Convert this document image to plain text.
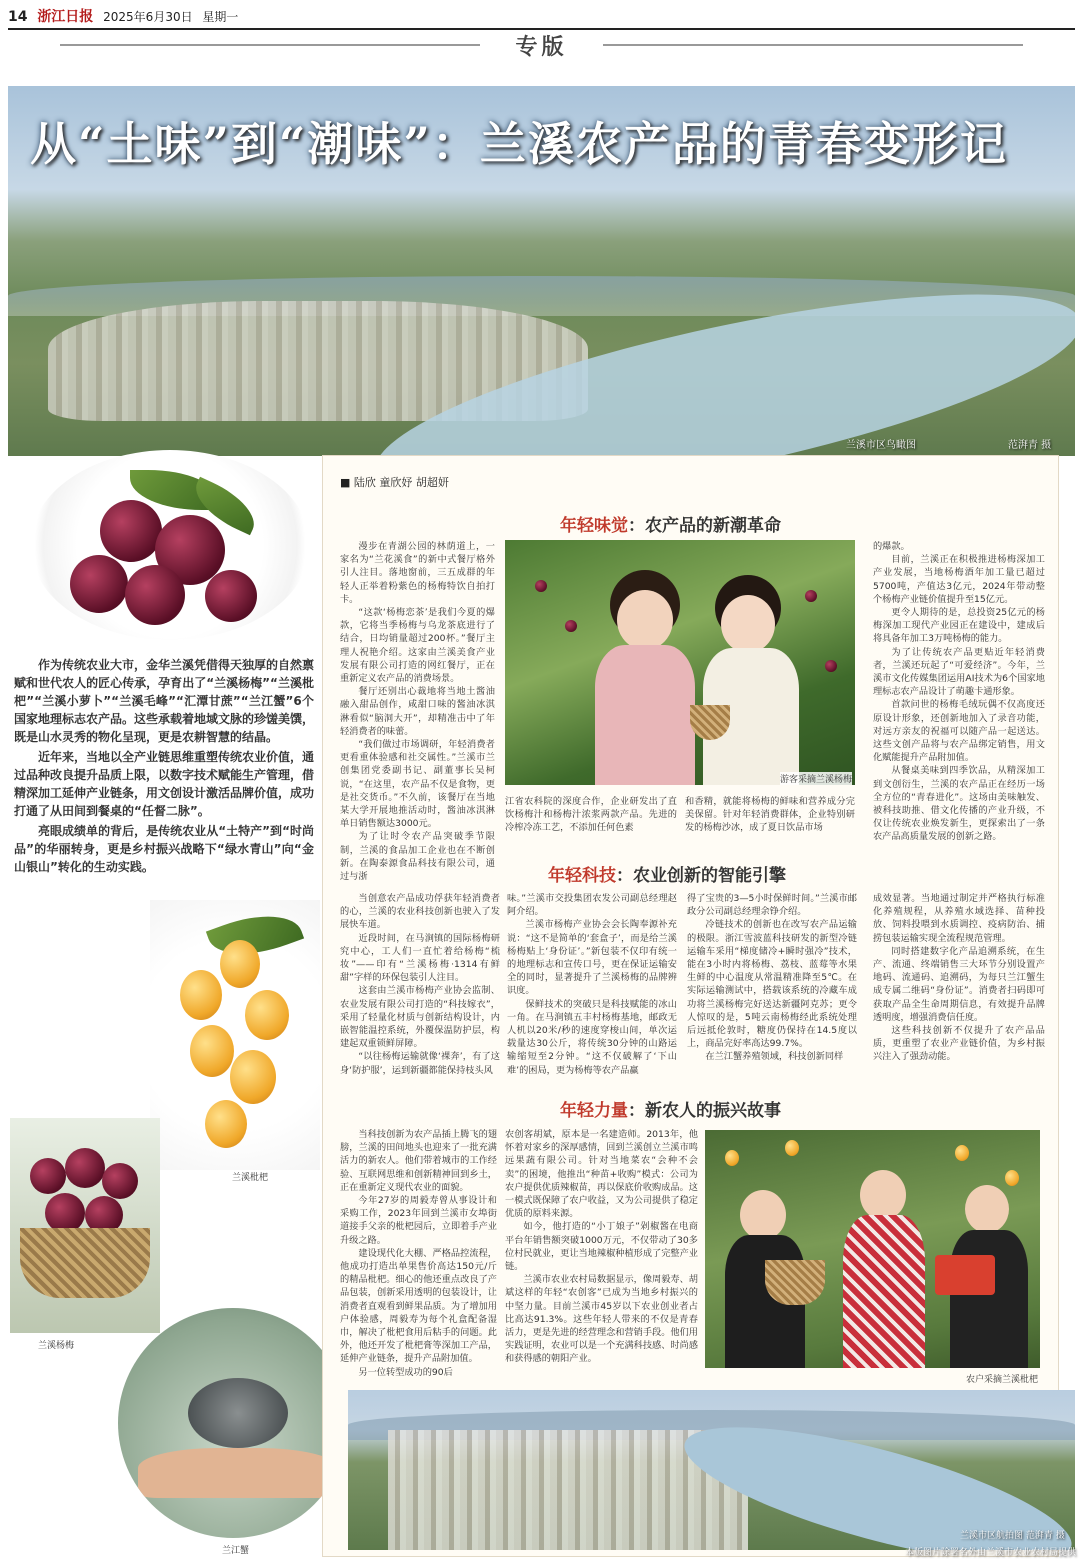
14 浙江日报 2025年6月30日 星期一
专版
兰溪市区鸟瞰图	范湃青 摄
从“土味”到“潮味”：兰溪农产品的青春变形记

作为传统农业大市，金华兰溪凭借得天独厚的自然禀赋和世代农人的匠心传承，孕育出了“兰溪杨梅”“兰溪枇杷”“兰溪小萝卜”“兰溪毛峰”“汇潭甘蔗”“兰江蟹”6个国家地理标志农产品。这些承载着地域文脉的珍馐美馔，既是山水灵秀的物化呈现，更是农耕智慧的结晶。

近年来，当地以全产业链思维重塑传统农业价值，通过品种改良提升品质上限，以数字技术赋能生产管理，借精深加工延伸产业链条，用文创设计激活品牌价值，成功打通了从田间到餐桌的“任督二脉”。

亮眼成绩单的背后，是传统农业从“土特产”到“时尚品”的华丽转身，更是乡村振兴战略下“绿水青山”向“金山银山”转化的生动实践。

兰溪枇杷
兰溪杨梅
兰江蟹
■ 陆欣 童欣妤 胡超妍
年轻味觉：农产品的新潮革命

漫步在青湖公园的林荫道上，一家名为“兰花溪食”的新中式餐厅格外引人注目。落地窗前，三五成群的年轻人正举着粉紫色的杨梅特饮自拍打卡。

“这款‘杨梅恋茶’是我们今夏的爆款，它将当季杨梅与乌龙茶底进行了结合，日均销量超过200杯。”餐厅主理人祝艳介绍。这家由兰溪美食产业发展有限公司打造的网红餐厅，正在重新定义农产品的消费场景。

餐厅还别出心裁地将当地土酱油融入甜品创作，咸甜口味的酱油冰淇淋看似“脑洞大开”，却精准击中了年轻消费者的味蕾。

“我们做过市场调研，年轻消费者更看重体验感和社交属性。”兰溪市兰创集团党委副书记、副董事长吴柯说，“在这里，农产品不仅是食物，更是社交货币。”不久前，该餐厅在当地某大学开展地推活动时，酱油冰淇淋单日销售额达3000元。

为了让时令农产品突破季节限制，兰溪的食品加工企业也在不断创新。在陶泰源食品科技有限公司，通过与浙

游客采摘兰溪杨梅

江省农科院的深度合作，企业研发出了直饮杨梅汁和杨梅汁浓浆两款产品。先进的冷榨冷冻工艺，不添加任何色素

和香精，就能将杨梅的鲜味和营养成分完美保留。针对年轻消费群体，企业特别研发的杨梅沙冰，成了夏日饮品市场

的爆款。

目前，兰溪正在积极推进杨梅深加工产业发展，当地杨梅酒年加工量已超过5700吨，产值达3亿元，2024年带动整个杨梅产业链价值提升至15亿元。

更令人期待的是，总投资25亿元的杨梅深加工现代产业园正在建设中，建成后将具备年加工3万吨杨梅的能力。

为了让传统农产品更贴近年轻消费者，兰溪还玩起了“可爱经济”。今年，兰溪市文化传媒集团运用AI技术为6个国家地理标志农产品设计了萌趣卡通形象。

首款问世的杨梅毛绒玩偶不仅高度还原设计形象，还创新地加入了录音功能，对远方亲友的祝福可以随产品一起送达。这些文创产品将与农产品绑定销售，用文化赋能提升产品附加值。

从餐桌美味到四季饮品，从精深加工到文创衍生，兰溪的农产品正在经历一场全方位的“青春进化”。这场由美味触发、被科技助推、借文化传播的产业升级，不仅让传统农业焕发新生，更探索出了一条农产品高质量发展的创新之路。

年轻科技：农业创新的智能引擎

当创意农产品成功俘获年轻消费者的心，兰溪的农业科技创新也驶入了发展快车道。

近段时间，在马涧镇的国际杨梅研究中心，工人们一直忙着给杨梅“梳妆”——印有“兰溪杨梅·1314有鲜甜”字样的环保包装引人注目。

这套由兰溪市杨梅产业协会监制、农业发展有限公司打造的“科技嫁衣”，采用了轻量化材质与创新结构设计，内嵌智能温控系统，外覆保温防护层，构建起双重锁鲜屏障。

“以往杨梅运输就像‘裸奔’，有了这身‘防护服’，运到新疆都能保持枝头风

味。”兰溪市交投集团农发公司副总经理赵阿介绍。

兰溪市杨梅产业协会会长陶奉源补充说：“这不是简单的‘套盒子’，而是给兰溪杨梅贴上‘身份证’。”新包装不仅印有统一的地理标志和宣传口号，更在保证运输安全的同时，显著提升了兰溪杨梅的品牌辨识度。

保鲜技术的突破只是科技赋能的冰山一角。在马涧镇五丰村杨梅基地，邮政无人机以20米/秒的速度穿梭山间，单次运载量达30公斤，将传统30分钟的山路运输缩短至2分钟。“这不仅破解了‘下山难’的困局，更为杨梅等农产品赢

得了宝贵的3—5小时保鲜时间。”兰溪市邮政分公司副总经理余铮介绍。

冷链技术的创新也在改写农产品运输的极限。浙江雪波蓝科技研发的新型冷链运输车采用“梯度储冷+瞬时强冷”技术，能在3小时内将杨梅、荔枝、蓝莓等水果生鲜的中心温度从常温精准降至5℃。在实际运输测试中，搭载该系统的冷藏车成功将兰溪杨梅完好送达新疆阿克苏；更令人惊叹的是，5吨云南杨梅经此系统处理后远抵伦敦时，糖度仍保持在14.5度以上，商品完好率高达99.7%。

在兰江蟹养殖领域，科技创新同样

成效显著。当地通过制定并严格执行标准化养殖规程，从养殖水域选择、苗种投放、饲料投喂到水质调控、疫病防治、捕捞包装运输实现全流程规范管理。

同时搭建数字化产品追溯系统，在生产、流通、终端销售三大环节分别设置产地码、流通码、追溯码，为每只兰江蟹生成专属二维码“身份证”。消费者扫码即可获取产品全生命周期信息，有效提升品牌透明度，增强消费信任度。

这些科技创新不仅提升了农产品品质，更重塑了农业产业链价值，为乡村振兴注入了强劲动能。

年轻力量：新农人的振兴故事

当科技创新为农产品插上腾飞的翅膀，兰溪的田间地头也迎来了一批充满活力的新农人。他们带着城市的工作经验、互联网思维和创新精神回到乡土，正在重新定义现代农业的面貌。

今年27岁的周毅寿曾从事设计和采购工作，2023年回到兰溪市女埠街道接手父亲的枇杷园后，立即着手产业升级之路。

建设现代化大棚、严格品控流程，他成功打造出单果售价高达150元/斤的精品枇杷。细心的他还重点改良了产品包装，创新采用透明的包装设计，让消费者直观看到鲜果品质。为了增加用户体验感，周毅寿为每个礼盒配备湿巾，解决了枇杷食用后粘手的问题。此外，他还开发了枇杷膏等深加工产品，延伸产业链条，提升产品附加值。

另一位转型成功的90后

农创客胡斌，原本是一名建造师。2013年，他怀着对家乡的深厚感情，回到兰溪创立兰溪市鸣远果蔬有限公司。针对当地菜农“会种不会卖”的困境，他推出“种苗+收购”模式：公司为农户提供优质辣椒苗，再以保底价收购成品。这一模式既保障了农户收益，又为公司提供了稳定优质的原料来源。

如今，他打造的“小丁娘子”剁椒酱在电商平台年销售额突破1000万元，不仅带动了30多位村民就业，更让当地辣椒种植形成了完整产业链。

兰溪市农业农村局数据显示，像周毅寿、胡斌这样的年轻“农创客”已成为当地乡村振兴的中坚力量。目前兰溪市45岁以下农业创业者占比高达91.3%。这些年轻人带来的不仅是青春活力，更是先进的经营理念和营销手段。他们用实践证明，农业可以是一个充满科技感、时尚感和获得感的朝阳产业。

农户采摘兰溪枇杷
兰溪市区航拍图 范湃青 摄
本版图片除署名外由兰溪市农业农村局提供
